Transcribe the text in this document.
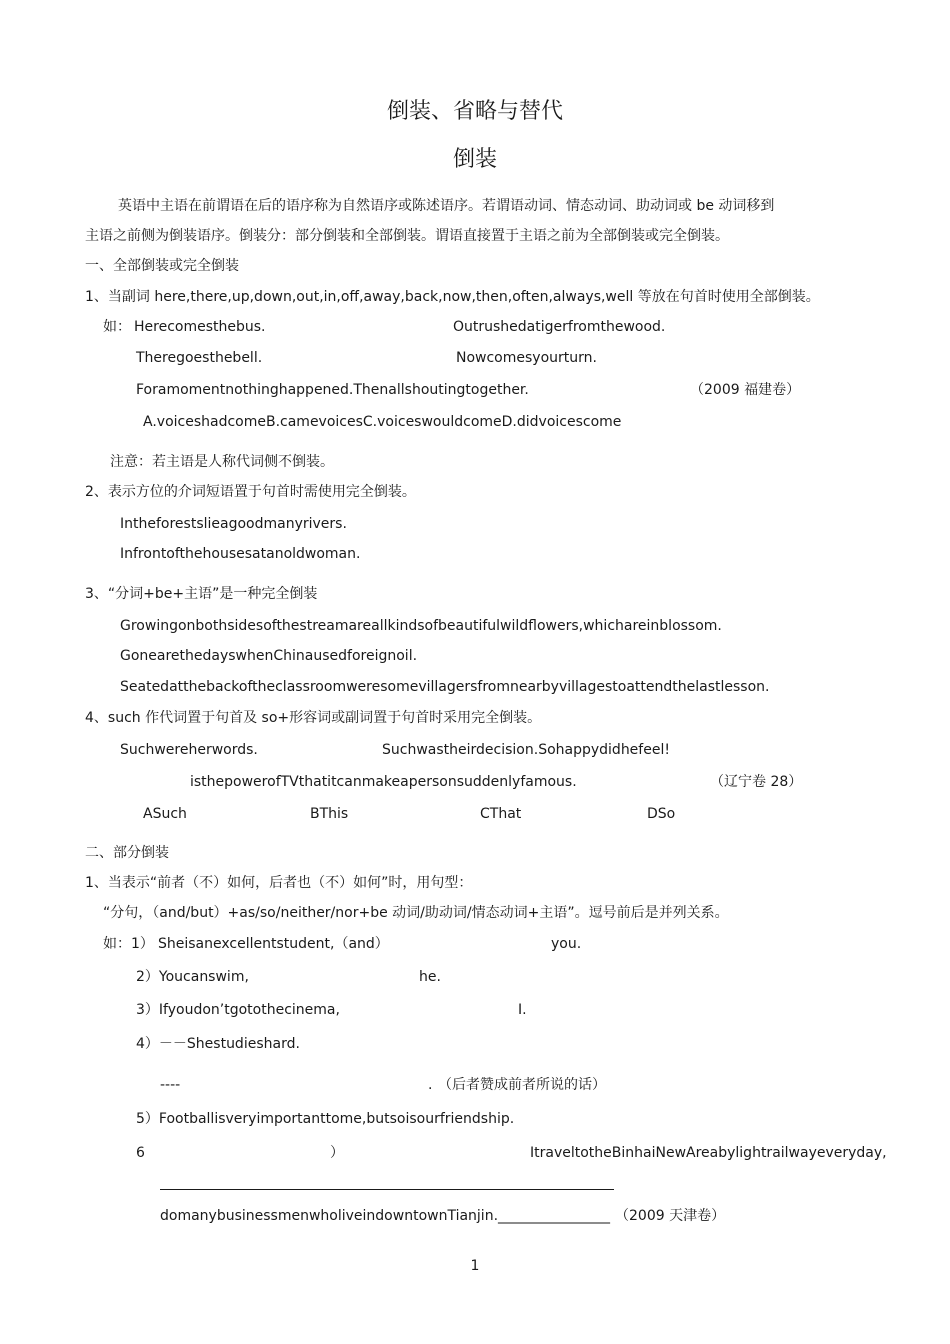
倒装、省略与替代
倒装
英语中主语在前谓语在后的语序称为自然语序或陈述语序。若谓语动词、情态动词、助动词或 be 动词移到
主语之前侧为倒装语序。倒装分：部分倒装和全部倒装。谓语直接置于主语之前为全部倒装或完全倒装。
一、全部倒装或完全倒装
1、当副词 here,there,up,down,out,in,off,away,back,now,then,often,always,well 等放在句首时使用全部倒装。
如： Herecomesthebus.	Outrushedatigerfromthewood.
Theregoesthebell.	Nowcomesyourturn.
Foramomentnothinghappened.Thenallshoutingtogether.	（2009 福建卷）
A.voiceshadcomeB.camevoicesC.voiceswouldcomeD.didvoicescome
注意：若主语是人称代词侧不倒装。
2、表示方位的介词短语置于句首时需使用完全倒装。
Intheforestslieagoodmanyrivers.
Infrontofthehousesatanoldwoman.
3、“分词+be+主语”是一种完全倒装
Growingonbothsidesofthestreamareallkindsofbeautifulwildflowers,whichareinblossom.
GonearethedayswhenChinausedforeignoil.
Seatedatthebackoftheclassroomweresomevillagersfromnearbyvillagestoattendthelastlesson.
4、such 作代词置于句首及 so+形容词或副词置于句首时采用完全倒装。
Suchwereherwords.	Suchwastheirdecision.Sohappydidhefeel!
isthepowerofTVthatitcanmakeapersonsuddenlyfamous.	（辽宁卷 28）
ASuch	BThis	CThat	DSo
二、部分倒装
1、当表示“前者（不）如何，后者也（不）如何”时，用句型：
“分句，（and/but）+as/so/neither/nor+be 动词/助动词/情态动词+主语”。逗号前后是并列关系。
如：1） Sheisanexcellentstudent,（and）	you.
2）Youcanswim,	he.
3）Ifyoudon’tgotothecinema,	I.
4）－－Shestudieshard.
----	. （后者赞成前者所说的话）
5）Footballisveryimportanttome,butsoisourfriendship.
6	）	ItraveltotheBinhaiNewAreabylightrailwayeveryday,
domanybusinessmenwholiveindowntownTianjin.________________ （2009 天津卷）
1
